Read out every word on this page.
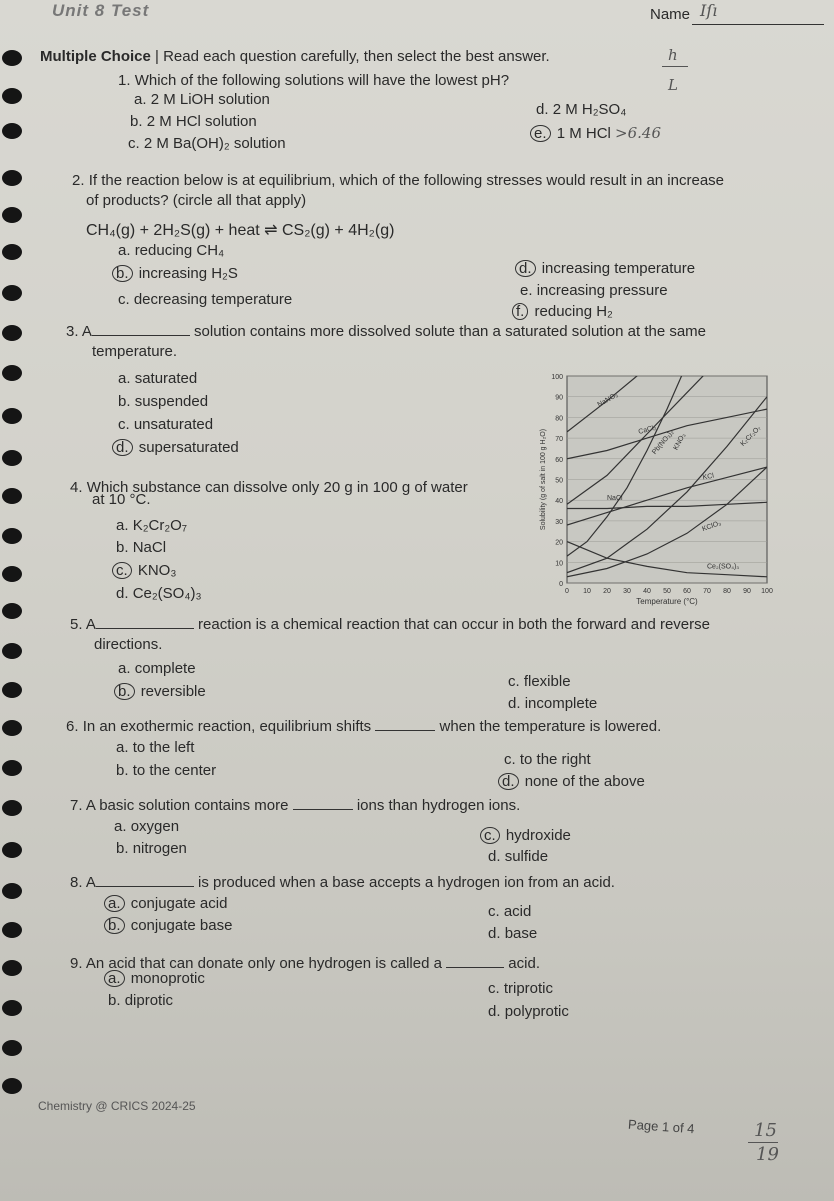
Unit 8 Test	Name Iſı
Multiple Choice | Read each question carefully, then select the best answer.	h
L
1. Which of the following solutions will have the lowest pH?
a. 2 M LiOH solution
b. 2 M HCl solution
c. 2 M Ba(OH)₂ solution
d. 2 M H₂SO₄
e. 1 M HCl >6.46
2. If the reaction below is at equilibrium, which of the following stresses would result in an increase
of products? (circle all that apply)
CH₄(g) + 2H₂S(g) + heat ⇌ CS₂(g) + 4H₂(g)
a. reducing CH₄
b. increasing H₂S
c. decreasing temperature
d. increasing temperature
e. increasing pressure
f. reducing H₂
3. A	solution contains more dissolved solute than a saturated solution at the same
temperature.
a. saturated
b. suspended
c. unsaturated
d. supersaturated
4. Which substance can dissolve only 20 g in 100 g of water
at 10 °C.
a. K₂Cr₂O₇
b. NaCl
c. KNO₃
d. Ce₂(SO₄)₃
0
10
20
30
40
50
60
70
80
90
100
0 10 20 30 40 50 60 70 80 90 100
Temperature (°C)
Solubility (g of salt in 100 g H₂O)
NaNO₃
CaCl₂
Pb(NO₃)₂
KNO₃	K₂Cr₂O₇
KCl
NaCl
KClO₃
Ce₂(SO₄)₃
5. A	reaction is a chemical reaction that can occur in both the forward and reverse
directions.
a. complete
b. reversible
c. flexible
d. incomplete
6. In an exothermic reaction, equilibrium shifts	when the temperature is lowered.
a. to the left
b. to the center
c. to the right
d. none of the above
7. A basic solution contains more	ions than hydrogen ions.
a. oxygen
b. nitrogen
c. hydroxide
d. sulfide
8. A	is produced when a base accepts a hydrogen ion from an acid.
a. conjugate acid
b. conjugate base
c. acid
d. base
9. An acid that can donate only one hydrogen is called a	acid.
a. monoprotic
b. diprotic
c. triprotic
d. polyprotic
Chemistry @ CRICS 2024-25
Page 1 of 4	15
19
